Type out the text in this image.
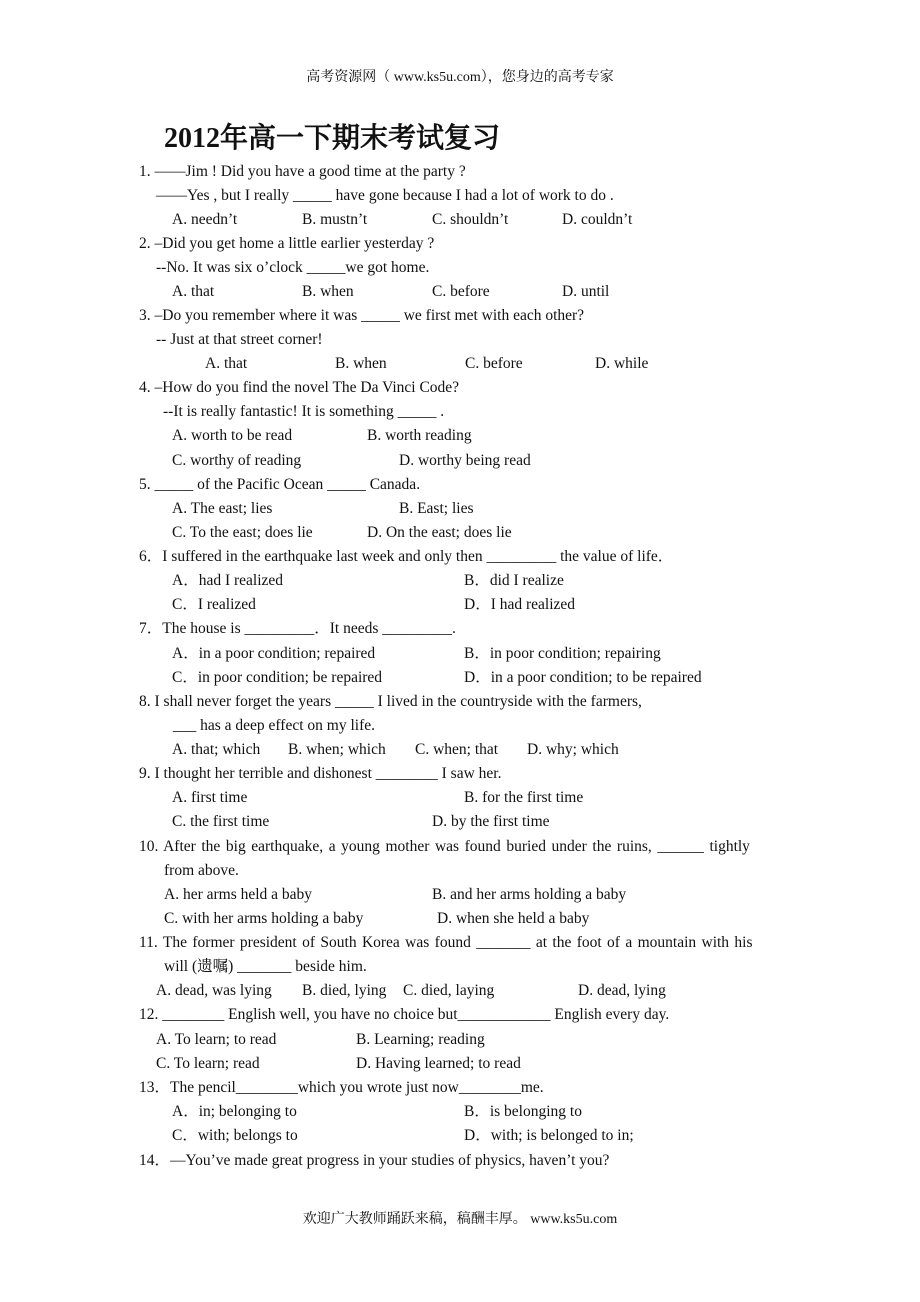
高考资源网（ www.ks5u.com），您身边的高考专家
2012年高一下期末考试复习
1. ――Jim ! Did you have a good time at the party ?
――Yes , but I really _____ have gone because I had a lot of work to do .
A. needn’t	B. mustn’t	C. shouldn’t	D. couldn’t
2. –Did you get home a little earlier yesterday ?
--No. It was six o’clock _____we got home.
A. that	B. when	C. before	D. until
3. –Do you remember where it was _____ we first met with each other?
-- Just at that street corner!
A. that	B. when	C. before	D. while
4. –How do you find the novel The Da Vinci Code?
--It is really fantastic! It is something _____ .
A. worth to be read	B. worth reading
C. worthy of reading	D. worthy being read
5. _____ of the Pacific Ocean _____ Canada.
A. The east; lies	B. East; lies
C. To the east; does lie	D. On the east; does lie
6．I suffered in the earthquake last week and only then _________ the value of life．
A．had I realized	B．did I realize
C．I realized	D．I had realized
7．The house is _________．It needs _________.
A．in a poor condition; repaired	B．in poor condition; repairing
C．in poor condition; be repaired	D．in a poor condition; to be repaired
8. I shall never forget the years _____ I lived in the countryside with the farmers,
___ has a deep effect on my life.
A. that; which B. when; which C. when; that D. why; which
9. I thought her terrible and dishonest ________ I saw her.
A. first time	B. for the first time
C. the first time	D. by the first time
10. After the big earthquake, a young mother was found buried under the ruins, ______ tightly
from above.
A. her arms held a baby	B. and her arms holding a baby
C. with her arms holding a baby	D. when she held a baby
11. The former president of South Korea was found _______ at the foot of a mountain with his
will (遗嘱) _______ beside him.
A. dead, was lying B. died, lying C. died, laying	D. dead, lying
12. ________ English well, you have no choice but____________ English every day.
A. To learn; to read	B. Learning; reading
C. To learn; read	D. Having learned; to read
13．The pencil________which you wrote just now________me.
A．in; belonging to	B．is belonging to
C．with; belongs to	D．with; is belonged to in;
14．—You’ve made great progress in your studies of physics, haven’t you?
欢迎广大教师踊跃来稿，稿酬丰厚。 www.ks5u.com
